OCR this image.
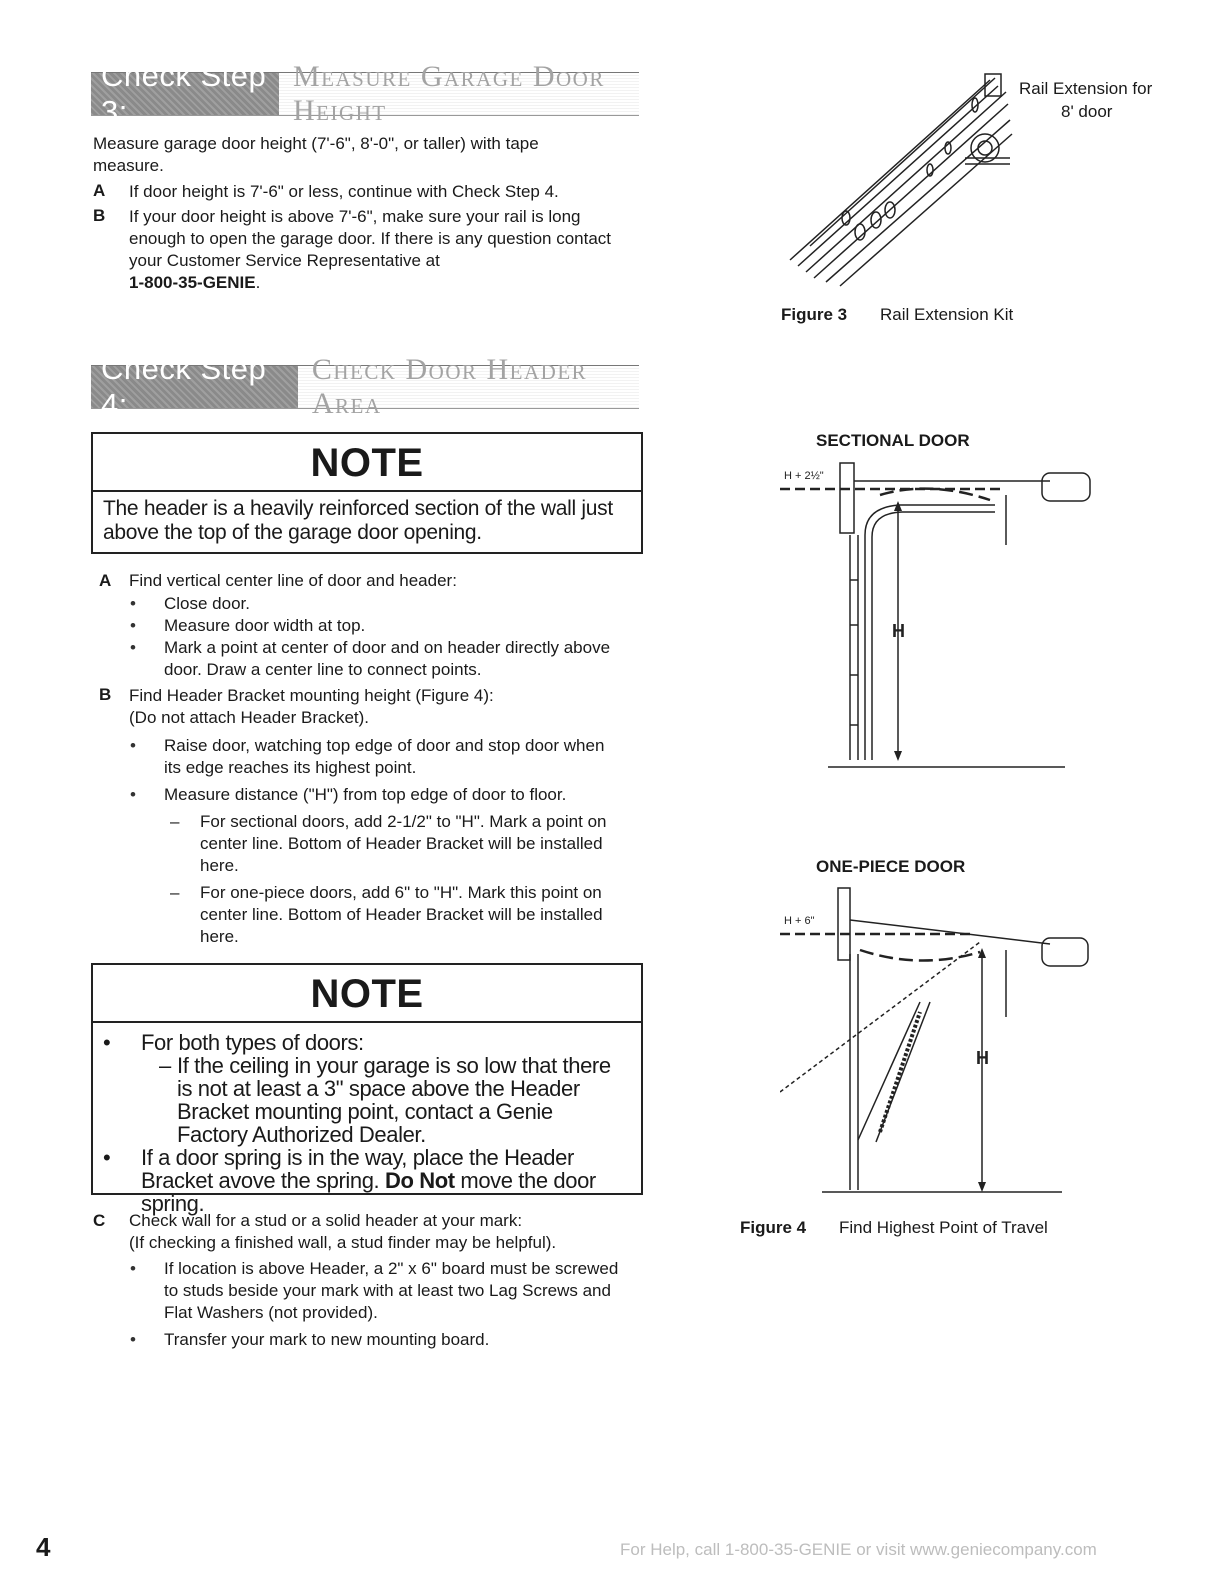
Check Step 3:
Measure Garage Door Height
Measure garage door height (7'-6", 8'-0", or taller) with tape measure.
A If door height is 7'-6" or less, continue with Check Step 4.
B If your door height is above 7'-6", make sure your rail is long enough to open the garage door. If there is any question contact your Customer Service Representative at
1-800-35-GENIE.
Rail Extension for
8' door
Figure 3 Rail Extension Kit
Check Step 4:
Check Door Header Area
NOTE
The header is a heavily reinforced section of the wall just above the top of the garage door opening.
A Find vertical center line of door and header:
• Close door.
• Measure door width at top.
• Mark a point at center of door and on header directly above door. Draw a center line to connect points.
B Find Header Bracket mounting height (Figure 4):
(Do not attach Header Bracket).
• Raise door, watching top edge of door and stop door when its edge reaches its highest point.
• Measure distance ("H") from top edge of door to floor.
– For sectional doors, add 2-1/2" to "H". Mark a point on center line. Bottom of Header Bracket will be installed here.
– For one-piece doors, add 6" to "H". Mark this point on center line. Bottom of Header Bracket will be installed here.
NOTE
• For both types of doors:
– If the ceiling in your garage is so low that there is not at least a 3" space above the Header Bracket mounting point, contact a Genie Factory Authorized Dealer.
• If a door spring is in the way, place the Header Bracket avove the spring. Do Not move the door spring.
C Check wall for a stud or a solid header at your mark:
(If checking a finished wall, a stud finder may be helpful).
• If location is above Header, a 2" x 6" board must be screwed to studs beside your mark with at least two Lag Screws and Flat Washers (not provided).
• Transfer your mark to new mounting board.
SECTIONAL DOOR
H + 2½"
H
ONE-PIECE DOOR
H + 6"
H
Figure 4 Find Highest Point of Travel
4	For Help, call 1-800-35-GENIE or visit www.geniecompany.com
